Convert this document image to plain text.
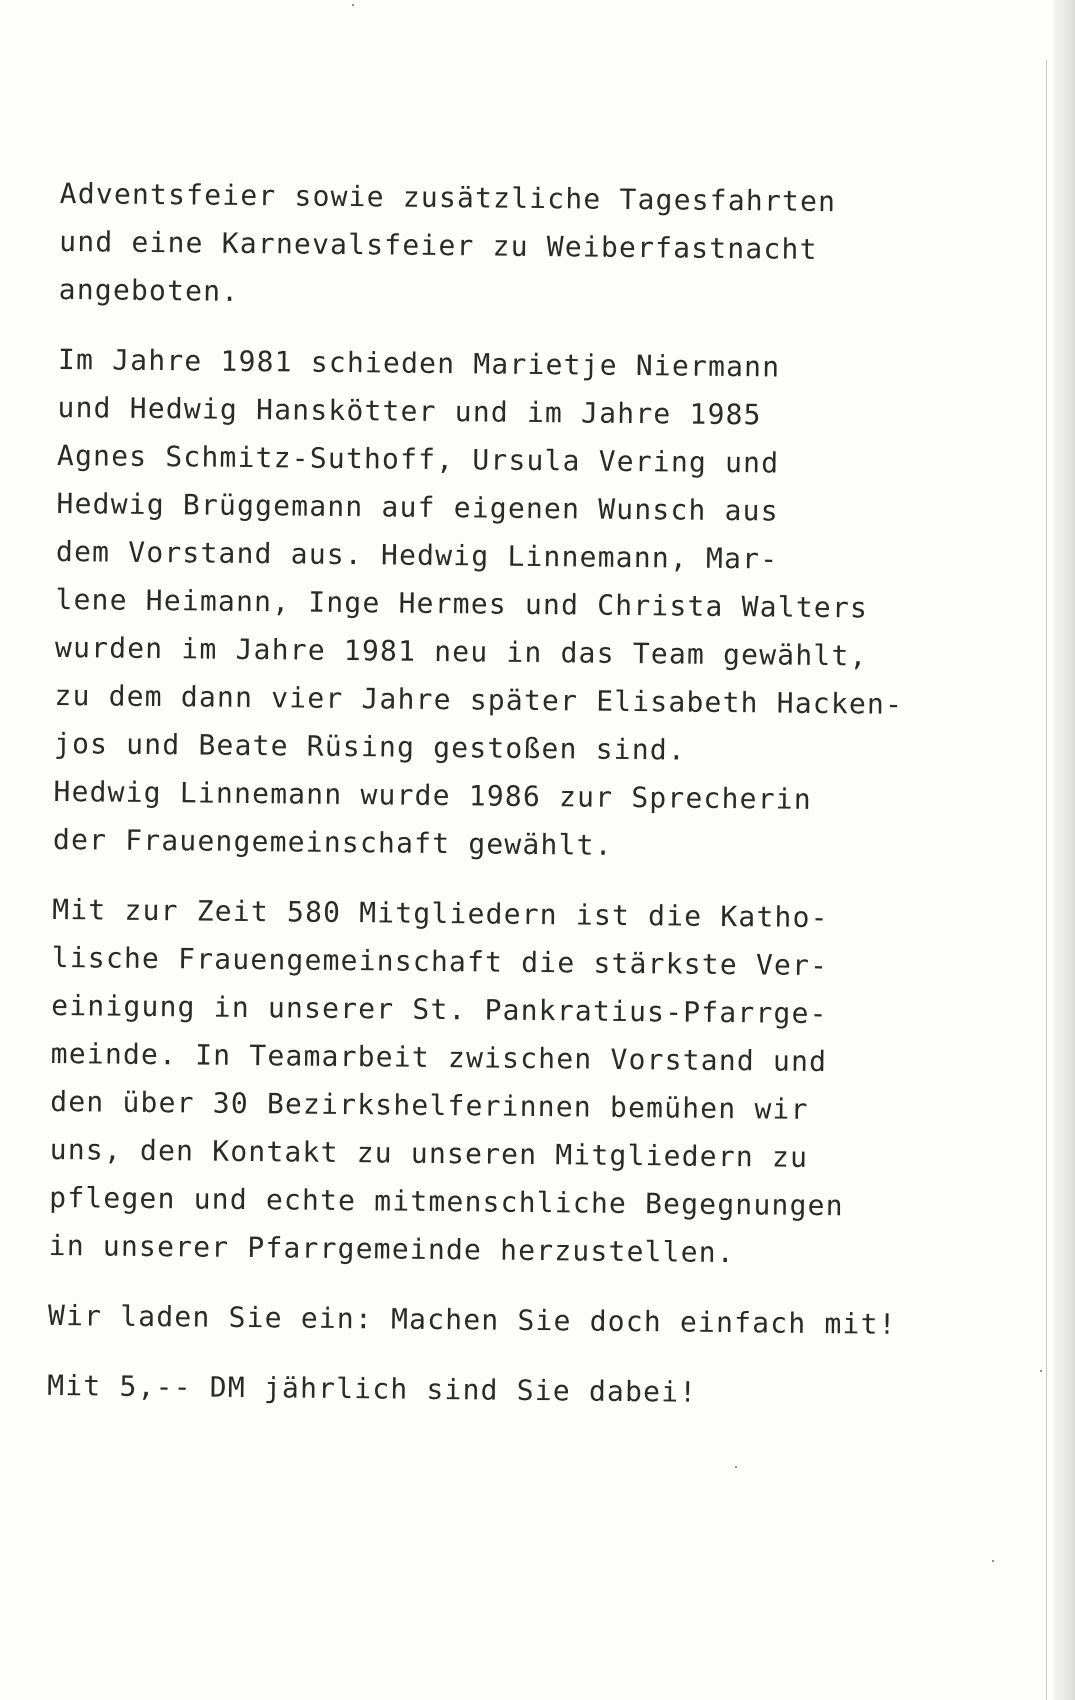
Adventsfeier sowie zusätzliche Tagesfahrten
und eine Karnevalsfeier zu Weiberfastnacht
angeboten.
Im Jahre 1981 schieden Marietje Niermann
und Hedwig Hanskötter und im Jahre 1985
Agnes Schmitz-Suthoff, Ursula Vering und
Hedwig Brüggemann auf eigenen Wunsch aus
dem Vorstand aus. Hedwig Linnemann, Mar-
lene Heimann, Inge Hermes und Christa Walters
wurden im Jahre 1981 neu in das Team gewählt,
zu dem dann vier Jahre später Elisabeth Hacken-
jos und Beate Rüsing gestoßen sind.
Hedwig Linnemann wurde 1986 zur Sprecherin
der Frauengemeinschaft gewählt.
Mit zur Zeit 580 Mitgliedern ist die Katho-
lische Frauengemeinschaft die stärkste Ver-
einigung in unserer St. Pankratius-Pfarrge-
meinde. In Teamarbeit zwischen Vorstand und
den über 30 Bezirkshelferinnen bemühen wir
uns, den Kontakt zu unseren Mitgliedern zu
pflegen und echte mitmenschliche Begegnungen
in unserer Pfarrgemeinde herzustellen.
Wir laden Sie ein: Machen Sie doch einfach mit!
Mit 5,-- DM jährlich sind Sie dabei!
